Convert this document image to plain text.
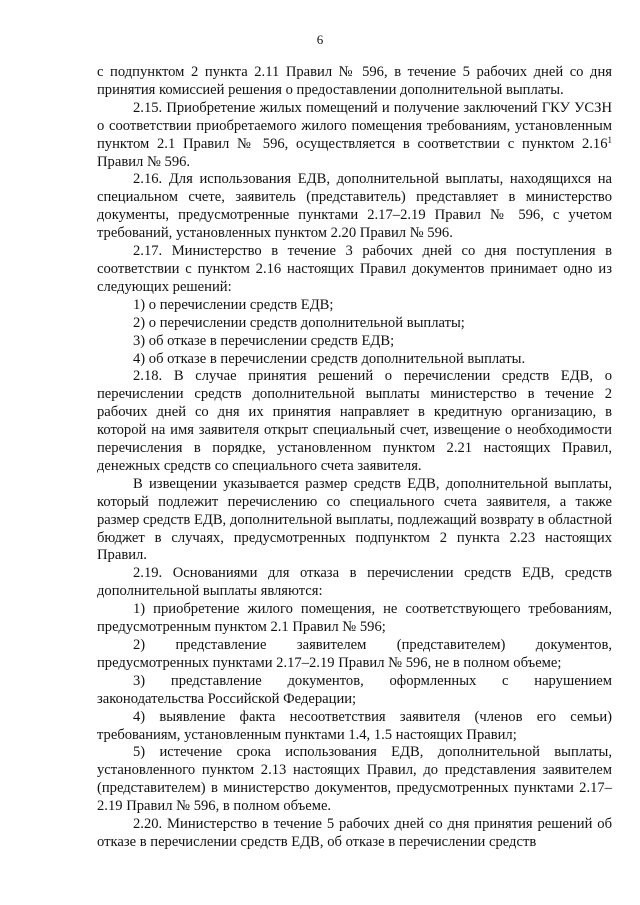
6

с подпунктом 2 пункта 2.11 Правил № 596, в течение 5 рабочих дней со дня принятия комиссией решения о предоставлении дополнительной выплаты.

2.15. Приобретение жилых помещений и получение заключений ГКУ УСЗН о соответствии приобретаемого жилого помещения требованиям, установленным пунктом 2.1 Правил № 596, осуществляется в соответствии с пунктом 2.16$^1$ Правил № 596.

2.16. Для использования ЕДВ, дополнительной выплаты, находящихся на специальном счете, заявитель (представитель) представляет в министерство документы, предусмотренные пунктами 2.17–2.19 Правил № 596, с учетом требований, установленных пунктом 2.20 Правил № 596.

2.17. Министерство в течение 3 рабочих дней со дня поступления в соответствии с пунктом 2.16 настоящих Правил документов принимает одно из следующих решений:

1) о перечислении средств ЕДВ;

2) о перечислении средств дополнительной выплаты;

3) об отказе в перечислении средств ЕДВ;

4) об отказе в перечислении средств дополнительной выплаты.

2.18. В случае принятия решений о перечислении средств ЕДВ, о перечислении средств дополнительной выплаты министерство в течение 2 рабочих дней со дня их принятия направляет в кредитную организацию, в которой на имя заявителя открыт специальный счет, извещение о необходимости перечисления в порядке, установленном пунктом 2.21 настоящих Правил, денежных средств со специального счета заявителя.

В извещении указывается размер средств ЕДВ, дополнительной выплаты, который подлежит перечислению со специального счета заявителя, а также размер средств ЕДВ, дополнительной выплаты, подлежащий возврату в областной бюджет в случаях, предусмотренных подпунктом 2 пункта 2.23 настоящих Правил.

2.19. Основаниями для отказа в перечислении средств ЕДВ, средств дополнительной выплаты являются:

1) приобретение жилого помещения, не соответствующего требованиям, предусмотренным пунктом 2.1 Правил № 596;

2) представление заявителем (представителем) документов, предусмотренных пунктами 2.17–2.19 Правил № 596, не в полном объеме;

3) представление документов, оформленных с нарушением законодательства Российской Федерации;

4) выявление факта несоответствия заявителя (членов его семьи) требованиям, установленным пунктами 1.4, 1.5 настоящих Правил;

5) истечение срока использования ЕДВ, дополнительной выплаты, установленного пунктом 2.13 настоящих Правил, до представления заявителем (представителем) в министерство документов, предусмотренных пунктами 2.17–2.19 Правил № 596, в полном объеме.

2.20. Министерство в течение 5 рабочих дней со дня принятия решений об отказе в перечислении средств ЕДВ, об отказе в перечислении средств
